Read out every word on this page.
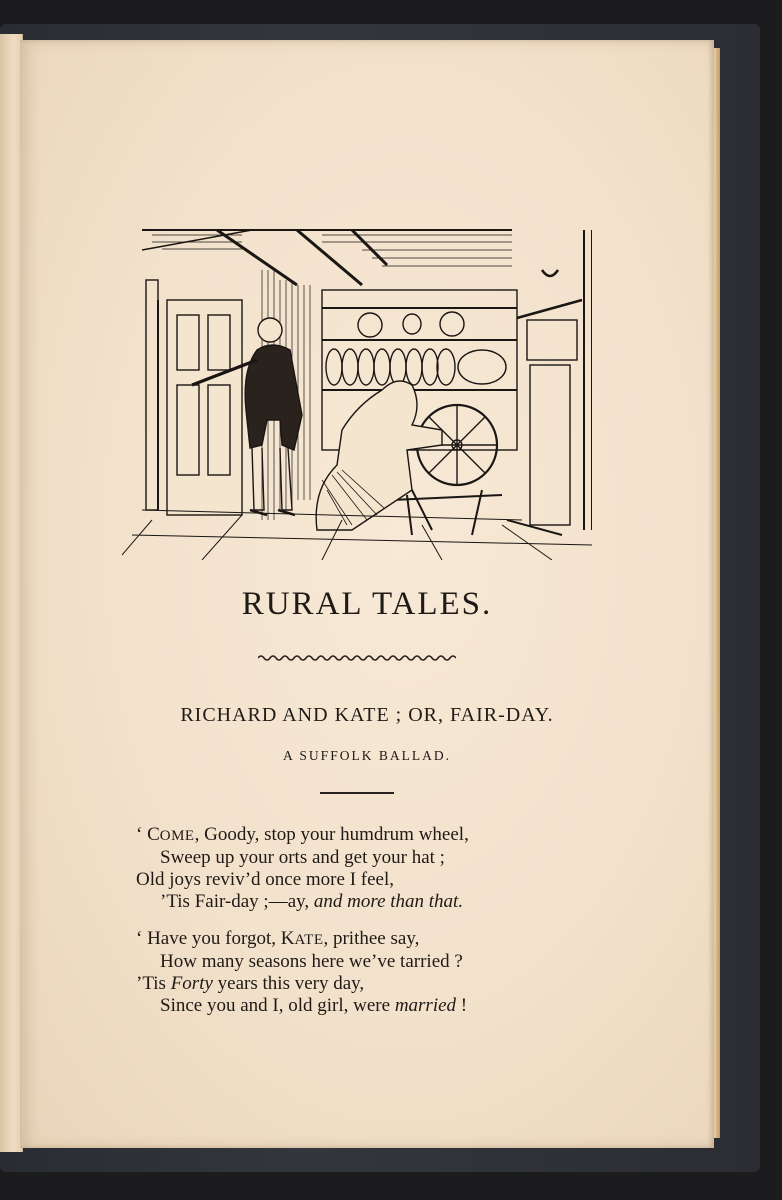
RURAL TALES.
RICHARD AND KATE ; OR, FAIR-DAY.
A SUFFOLK BALLAD.
‘ COME, Goody, stop your humdrum wheel,
Sweep up your orts and get your hat ;
Old joys reviv’d once more I feel,
’Tis Fair-day ;—ay, and more than that.
‘ Have you forgot, KATE, prithee say,
How many seasons here we’ve tarried ?
’Tis Forty years this very day,
Since you and I, old girl, were married !
